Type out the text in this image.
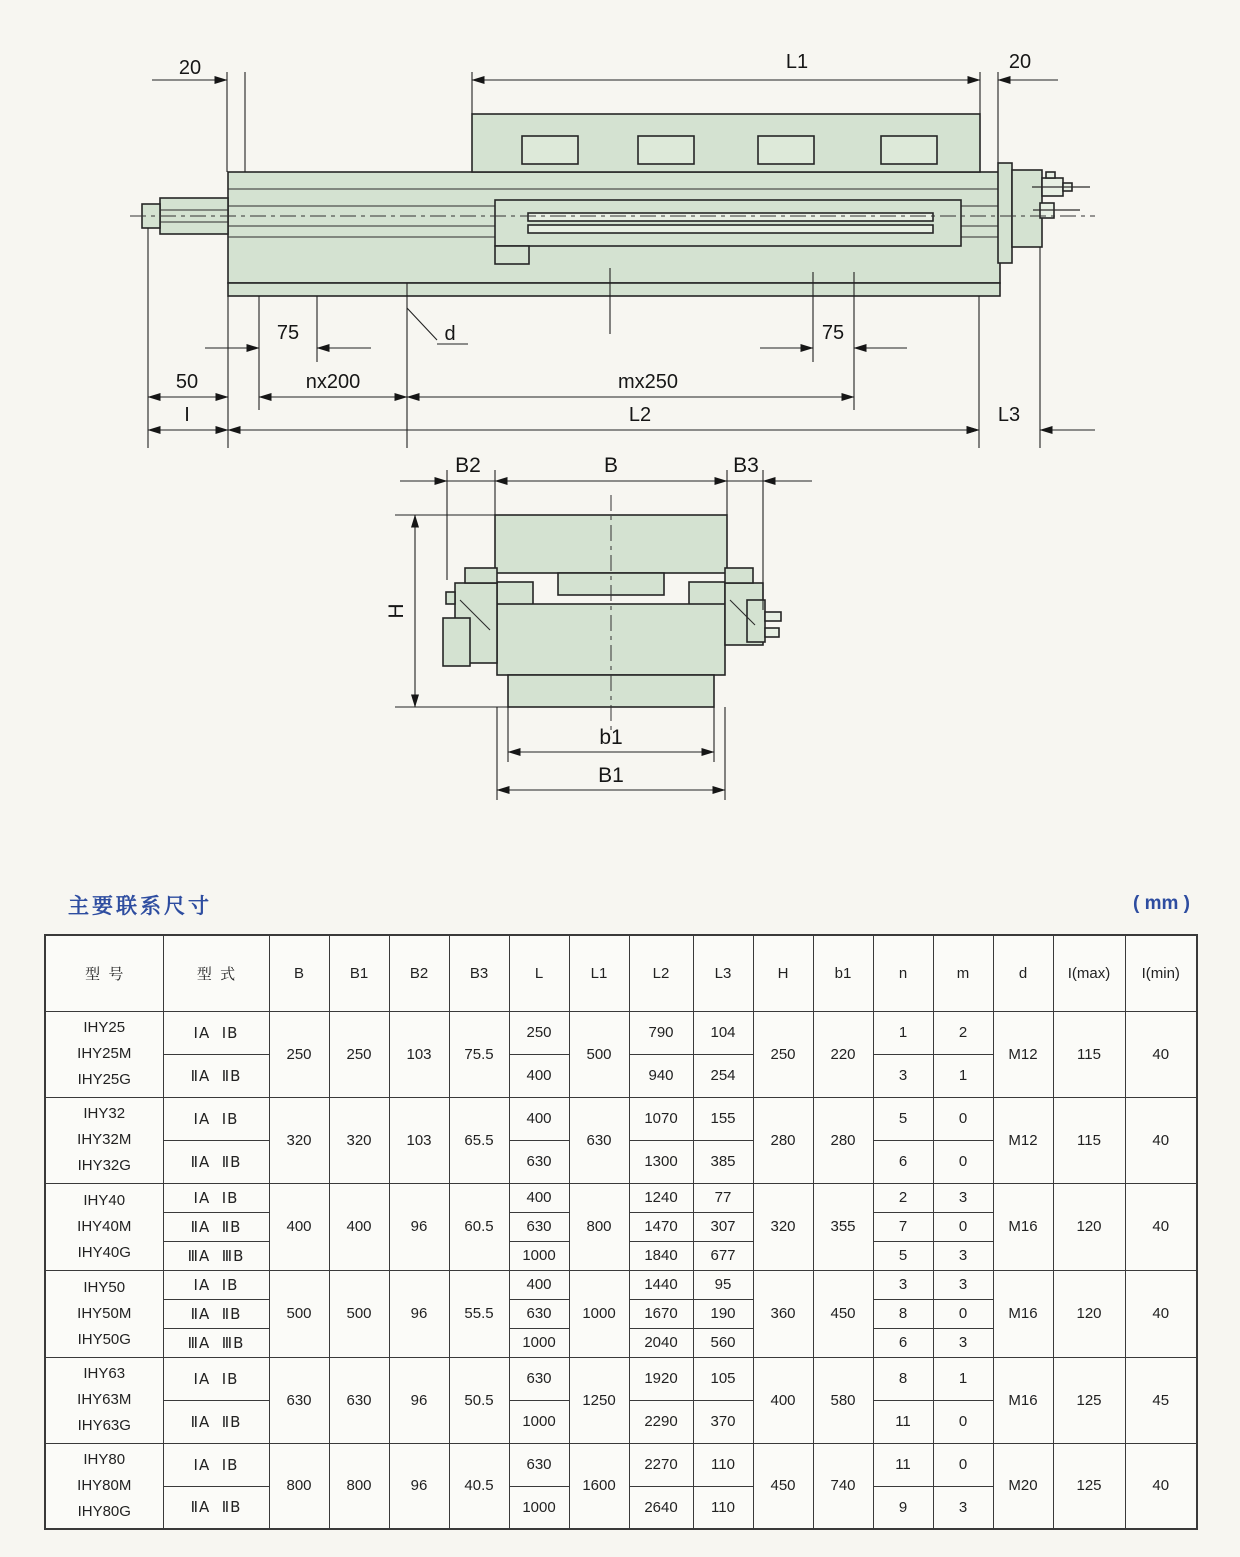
20	L1	20
75	d	75
50	nx200	mx250
I	L2	L3
B2	B	B3
H
b1
B1
主要联系尺寸	( mm )
型  号	型  式	B	B1	B2	B3	L	L1	L2	L3	H	b1	n	m	d	I(max)	I(min)

IHY25
IHY25M
IHY25G	ⅠA  ⅠB	250	250	103	75.5	250	500	790	104	250	220	1	2	M12	115	40
	ⅡA  ⅡB					400		940	254			3	1			

IHY32
IHY32M
IHY32G	ⅠA  ⅠB	320	320	103	65.5	400	630	1070	155	280	280	5	0	M12	115	40
	ⅡA  ⅡB					630		1300	385			6	0			

IHY40
IHY40M
IHY40G	ⅠA  ⅠB	400	400	96	60.5	400	800	1240	77	320	355	2	3	M16	120	40
	ⅡA  ⅡB					630		1470	307			7	0			
	ⅢA  ⅢB					1000		1840	677			5	3			

IHY50
IHY50M
IHY50G	ⅠA  ⅠB	500	500	96	55.5	400	1000	1440	95	360	450	3	3	M16	120	40
	ⅡA  ⅡB					630		1670	190			8	0			
	ⅢA  ⅢB					1000		2040	560			6	3			

IHY63
IHY63M
IHY63G	ⅠA  ⅠB	630	630	96	50.5	630	1250	1920	105	400	580	8	1	M16	125	45
	ⅡA  ⅡB					1000		2290	370			11	0			

IHY80
IHY80M
IHY80G	ⅠA  ⅠB	800	800	96	40.5	630	1600	2270	110	450	740	11	0	M20	125	40
	ⅡA  ⅡB					1000		2640	110			9	3			
